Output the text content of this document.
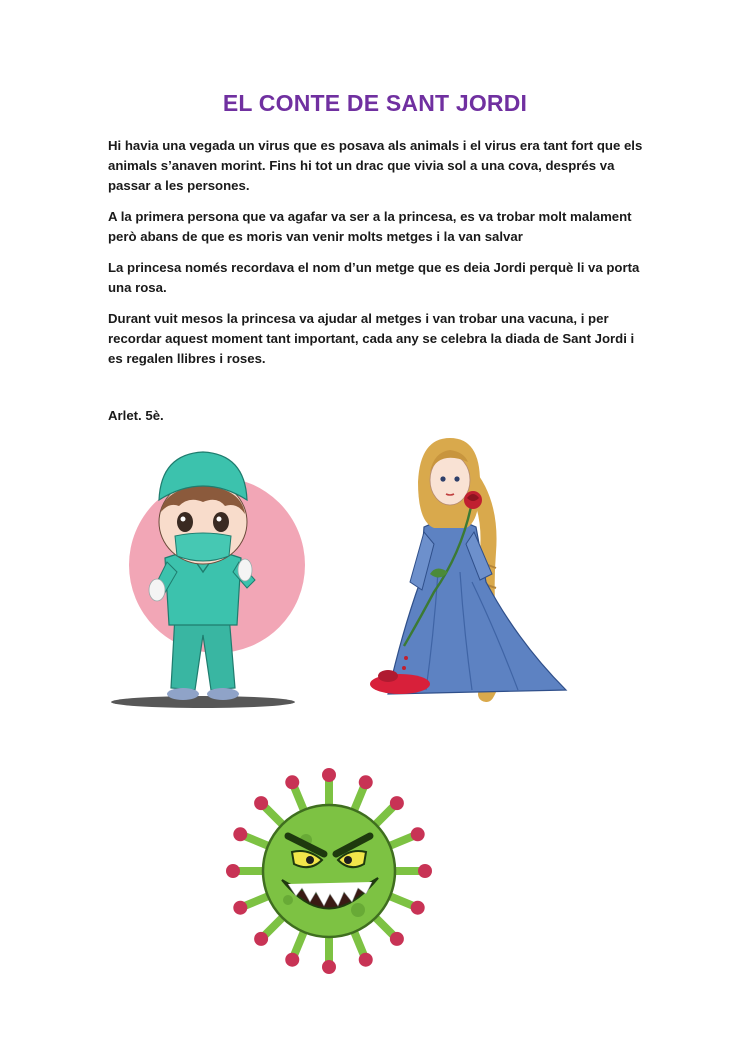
EL CONTE DE SANT JORDI

Hi havia una vegada un virus que es posava als animals i el virus era tant fort que els animals s’anaven morint. Fins hi tot un drac que vivia sol a una cova, després va passar a les persones.

A la primera persona que va agafar va ser a la princesa, es va trobar molt malament però abans de que es moris van venir molts metges i la van salvar

La princesa només recordava el nom d’un metge que es deia Jordi perquè li va porta una rosa.

Durant vuit mesos la princesa va ajudar al metges i van trobar una vacuna, i per recordar aquest moment tant important, cada any se celebra la diada de Sant Jordi i es regalen llibres i roses.

Arlet. 5è.
